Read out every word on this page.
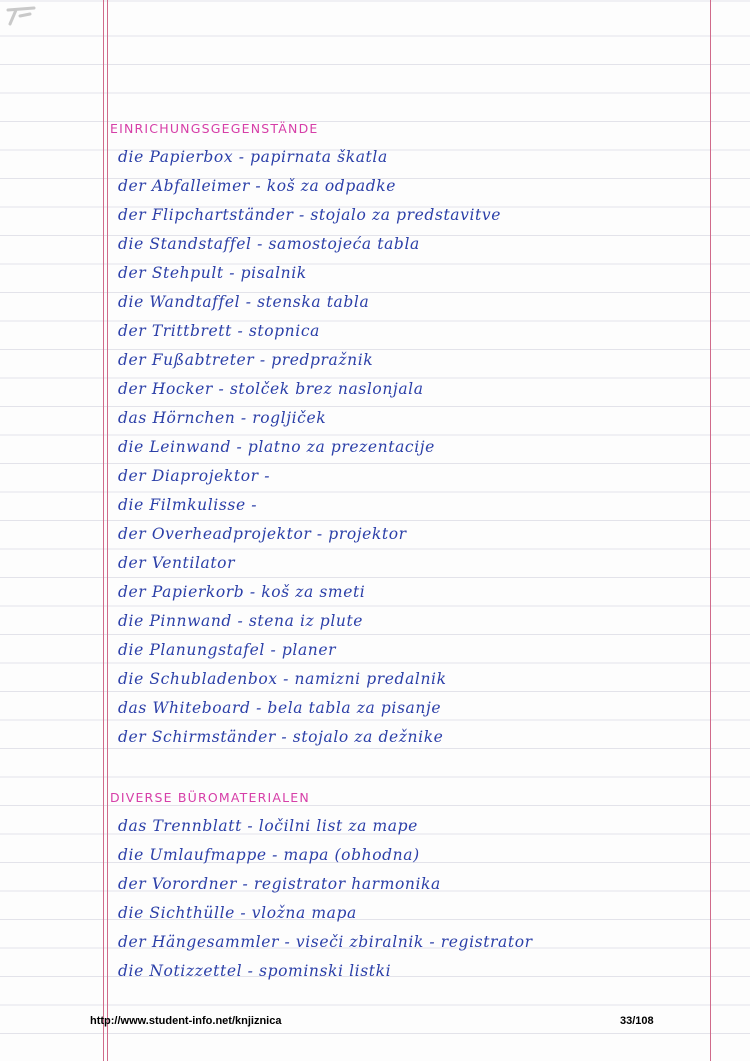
EINRICHUNGSGEGENSTÄNDE
die Papierbox - papirnata škatla
der Abfalleimer - koš za odpadke
der Flipchartständer - stojalo za predstavitve
die Standstaffel - samostojeća tabla
der Stehpult - pisalnik
die Wandtaffel - stenska tabla
der Trittbrett - stopnica
der Fußabtreter - predpražnik
der Hocker - stolček brez naslonjala
das Hörnchen - rogljiček
die Leinwand - platno za prezentacije
der Diaprojektor -
die Filmkulisse -
der Overheadprojektor - projektor
der Ventilator
der Papierkorb - koš za smeti
die Pinnwand - stena iz plute
die Planungstafel - planer
die Schubladenbox - namizni predalnik
das Whiteboard - bela tabla za pisanje
der Schirmständer - stojalo za dežnike
DIVERSE BÜROMATERIALEN
das Trennblatt - ločilni list za mape
die Umlaufmappe - mapa (obhodna)
der Vorordner - registrator harmonika
die Sichthülle - vložna mapa
der Hängesammler - viseči zbiralnik - registrator
die Notizzettel - spominski listki
http://www.student-info.net/knjiznica	33/108
